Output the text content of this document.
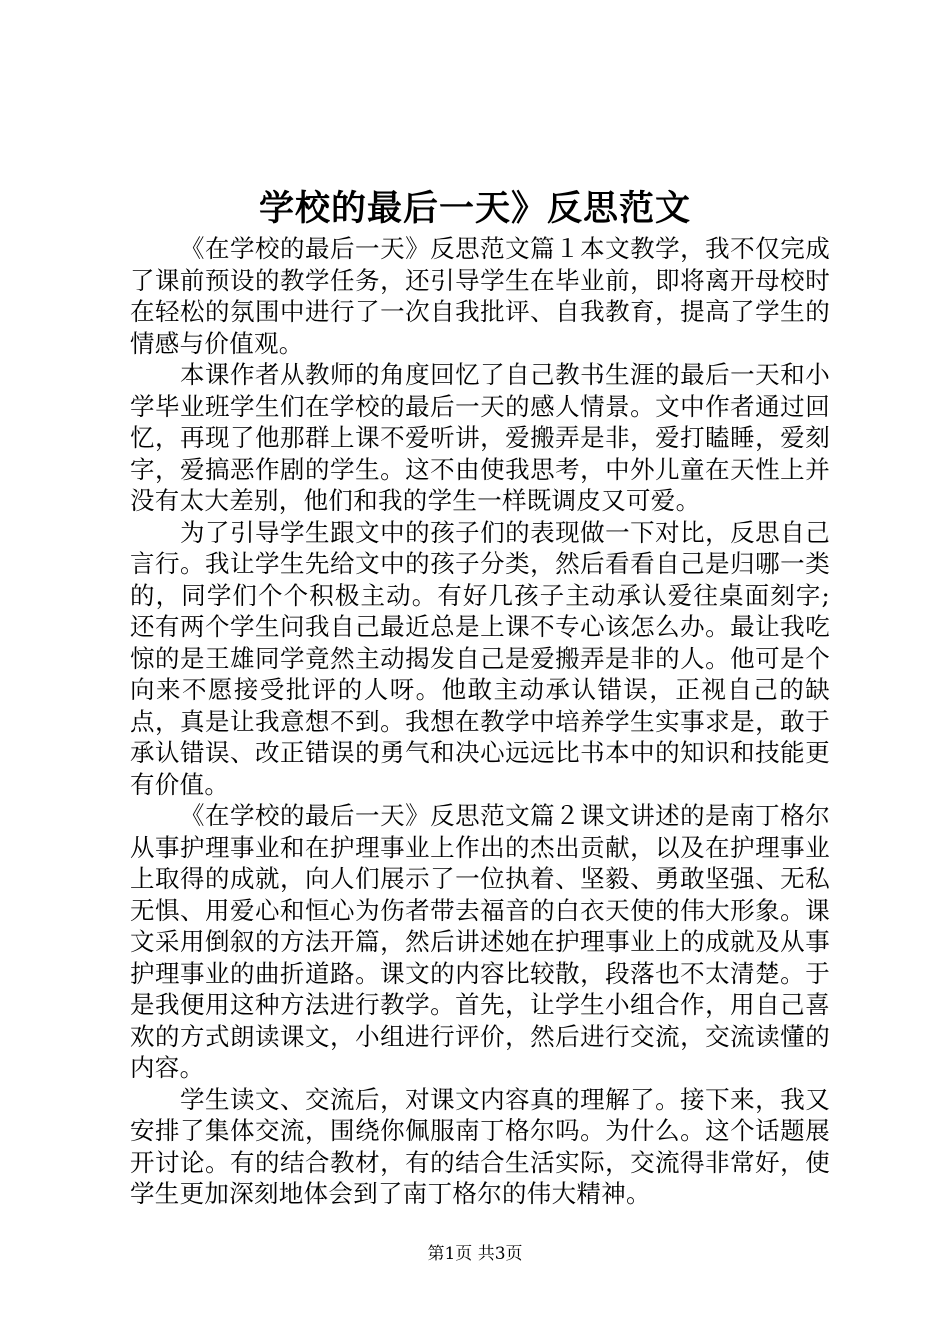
学校的最后一天》反思范文

《在学校的最后一天》反思范文篇１本文教学，我不仅完成了课前预设的教学任务，还引导学生在毕业前，即将离开母校时在轻松的氛围中进行了一次自我批评、自我教育，提高了学生的情感与价值观。

本课作者从教师的角度回忆了自己教书生涯的最后一天和小学毕业班学生们在学校的最后一天的感人情景。文中作者通过回忆，再现了他那群上课不爱听讲，爱搬弄是非，爱打瞌睡，爱刻字，爱搞恶作剧的学生。这不由使我思考，中外儿童在天性上并没有太大差别，他们和我的学生一样既调皮又可爱。

为了引导学生跟文中的孩子们的表现做一下对比，反思自己言行。我让学生先给文中的孩子分类，然后看看自己是归哪一类的，同学们个个积极主动。有好几孩子主动承认爱往桌面刻字;还有两个学生问我自己最近总是上课不专心该怎么办。最让我吃惊的是王雄同学竟然主动揭发自己是爱搬弄是非的人。他可是个向来不愿接受批评的人呀。他敢主动承认错误，正视自己的缺点，真是让我意想不到。我想在教学中培养学生实事求是，敢于承认错误、改正错误的勇气和决心远远比书本中的知识和技能更有价值。

《在学校的最后一天》反思范文篇２课文讲述的是南丁格尔从事护理事业和在护理事业上作出的杰出贡献，以及在护理事业上取得的成就，向人们展示了一位执着、坚毅、勇敢坚强、无私无惧、用爱心和恒心为伤者带去福音的白衣天使的伟大形象。课文采用倒叙的方法开篇，然后讲述她在护理事业上的成就及从事护理事业的曲折道路。课文的内容比较散，段落也不太清楚。于是我便用这种方法进行教学。首先，让学生小组合作，用自己喜欢的方式朗读课文，小组进行评价，然后进行交流，交流读懂的内容。

学生读文、交流后，对课文内容真的理解了。接下来，我又安排了集体交流，围绕你佩服南丁格尔吗。为什么。这个话题展开讨论。有的结合教材，有的结合生活实际，交流得非常好，使学生更加深刻地体会到了南丁格尔的伟大精神。

第1页 共3页
